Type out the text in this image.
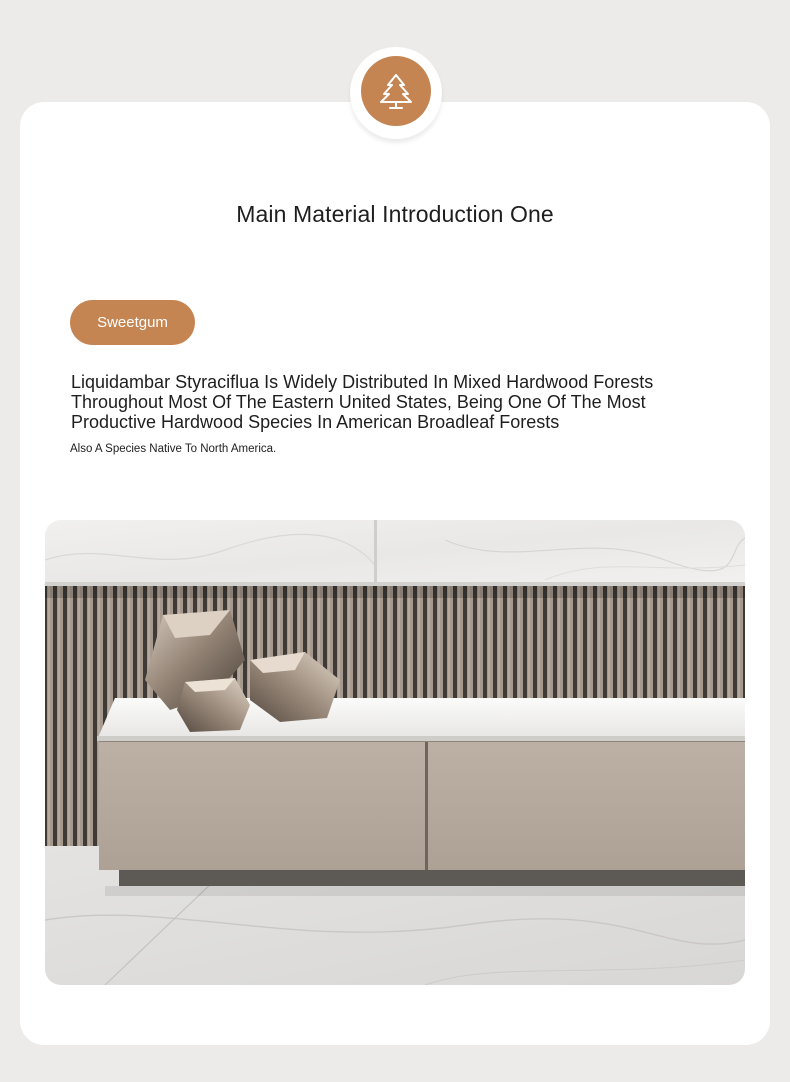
Main Material Introduction One
Sweetgum

Liquidambar Styraciflua Is Widely Distributed In Mixed Hardwood Forests Throughout Most Of The Eastern United States, Being One Of The Most Productive Hardwood Species In American Broadleaf Forests

Also A Species Native To North America.
